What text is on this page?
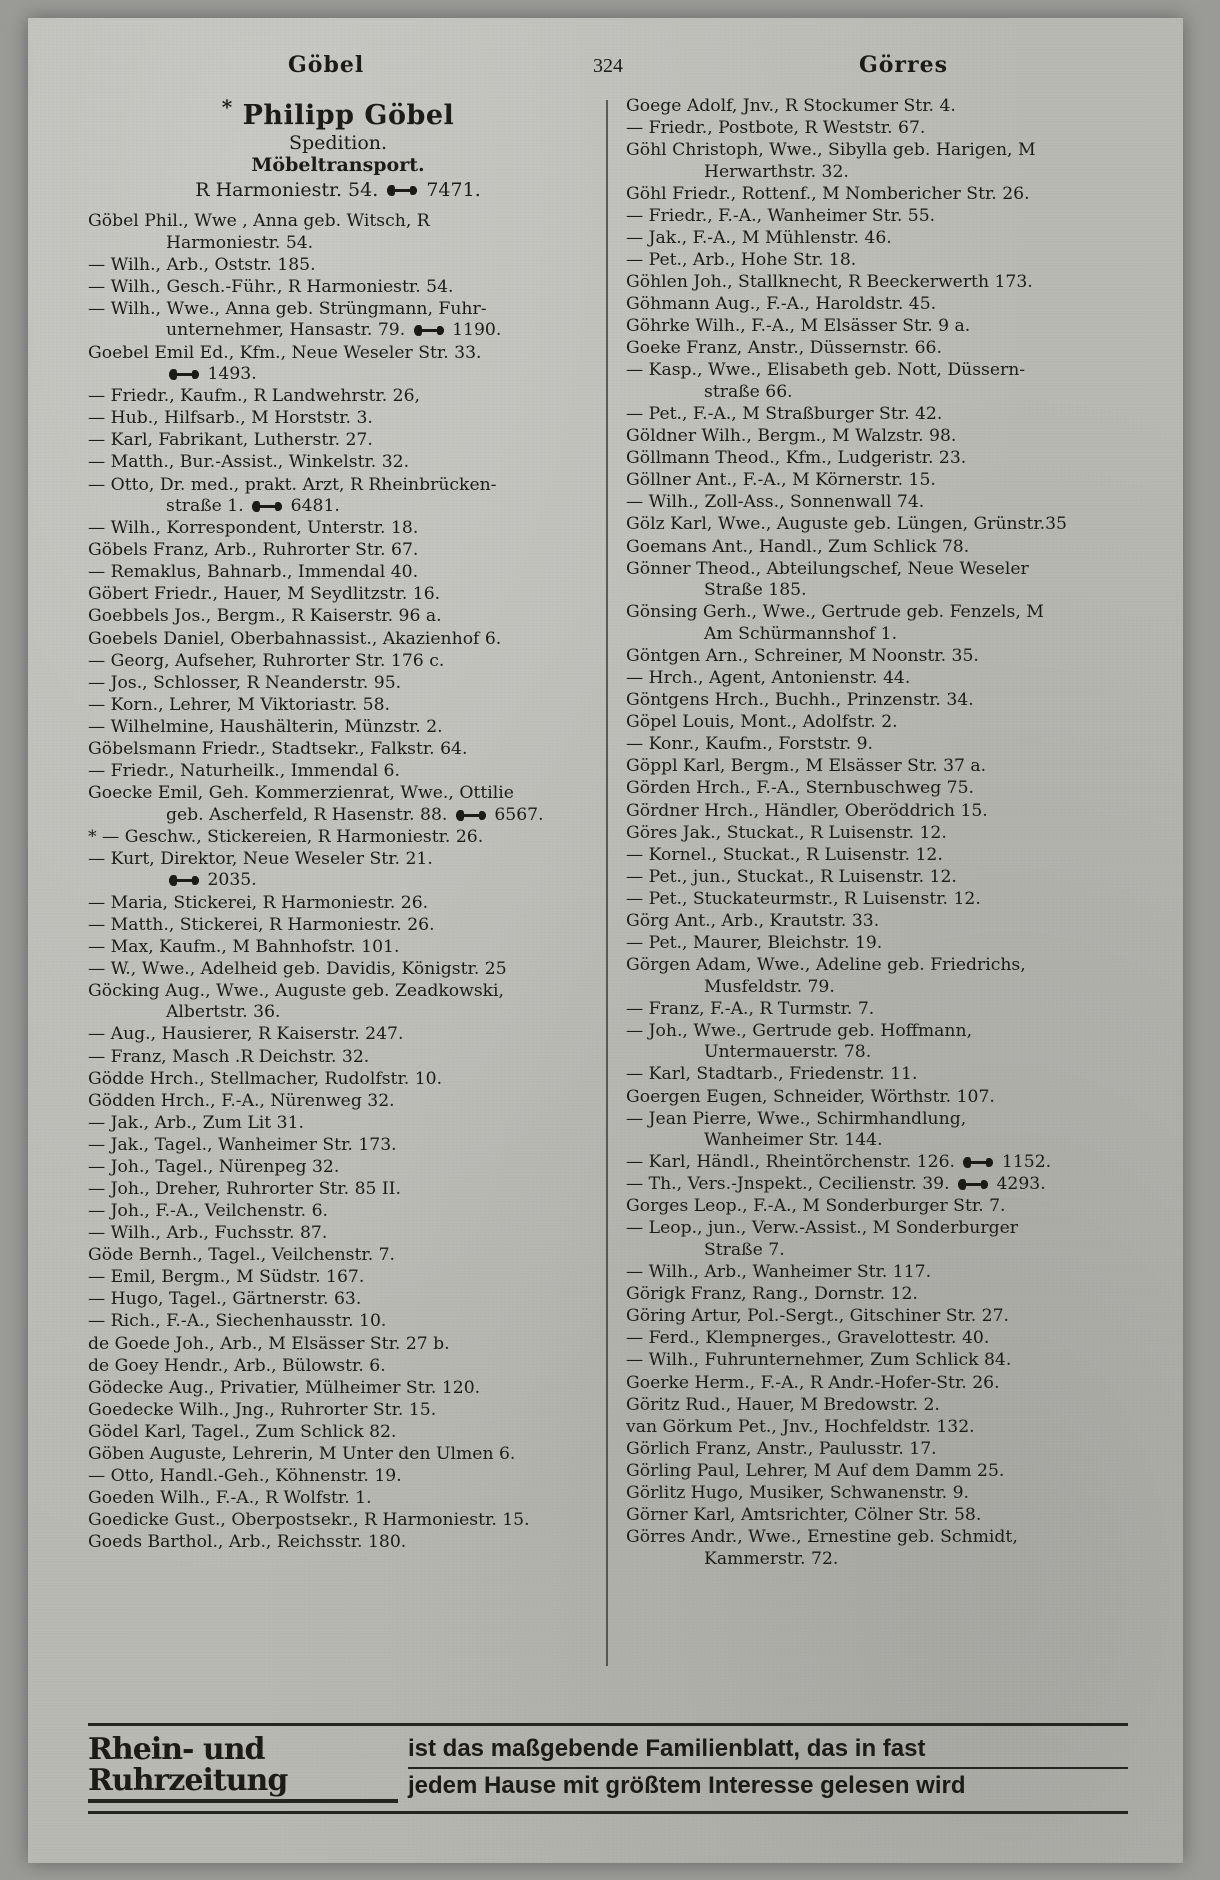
Göbel	324	Görres
* Philipp Göbel
Spedition.
Möbeltransport.
R Harmoniestr. 54.	7471.
Göbel Phil., Wwe , Anna geb. Witsch, R
Harmoniestr. 54.
— Wilh., Arb., Oststr. 185.
— Wilh., Gesch.-Führ., R Harmoniestr. 54.
— Wilh., Wwe., Anna geb. Strüngmann, Fuhr-
unternehmer, Hansastr. 79.
1190.
Goebel Emil Ed., Kfm., Neue Weseler Str. 33.
1493.
— Friedr., Kaufm., R Landwehrstr. 26,
— Hub., Hilfsarb., M Horststr. 3.
— Karl, Fabrikant, Lutherstr. 27.
— Matth., Bur.-Assist., Winkelstr. 32.
— Otto, Dr. med., prakt. Arzt, R Rheinbrücken-
straße 1.
6481.
— Wilh., Korrespondent, Unterstr. 18.
Göbels Franz, Arb., Ruhrorter Str. 67.
— Remaklus, Bahnarb., Immendal 40.
Göbert Friedr., Hauer, M Seydlitzstr. 16.
Goebbels Jos., Bergm., R Kaiserstr. 96 a.
Goebels Daniel, Oberbahnassist., Akazienhof 6.
— Georg, Aufseher, Ruhrorter Str. 176 c.
— Jos., Schlosser, R Neanderstr. 95.
— Korn., Lehrer, M Viktoriastr. 58.
— Wilhelmine, Haushälterin, Münzstr. 2.
Göbelsmann Friedr., Stadtsekr., Falkstr. 64.
— Friedr., Naturheilk., Immendal 6.
Goecke Emil, Geh. Kommerzienrat, Wwe., Ottilie
geb. Ascherfeld, R Hasenstr. 88.
6567.
* — Geschw., Stickereien, R Harmoniestr. 26.
— Kurt, Direktor, Neue Weseler Str. 21.
2035.
— Maria, Stickerei, R Harmoniestr. 26.
— Matth., Stickerei, R Harmoniestr. 26.
— Max, Kaufm., M Bahnhofstr. 101.
— W., Wwe., Adelheid geb. Davidis, Königstr. 25
Göcking Aug., Wwe., Auguste geb. Zeadkowski,
Albertstr. 36.
— Aug., Hausierer, R Kaiserstr. 247.
— Franz, Masch .R Deichstr. 32.
Gödde Hrch., Stellmacher, Rudolfstr. 10.
Gödden Hrch., F.-A., Nürenweg 32.
— Jak., Arb., Zum Lit 31.
— Jak., Tagel., Wanheimer Str. 173.
— Joh., Tagel., Nürenpeg 32.
— Joh., Dreher, Ruhrorter Str. 85 II.
— Joh., F.-A., Veilchenstr. 6.
— Wilh., Arb., Fuchsstr. 87.
Göde Bernh., Tagel., Veilchenstr. 7.
— Emil, Bergm., M Südstr. 167.
— Hugo, Tagel., Gärtnerstr. 63.
— Rich., F.-A., Siechenhausstr. 10.
de Goede Joh., Arb., M Elsässer Str. 27 b.
de Goey Hendr., Arb., Bülowstr. 6.
Gödecke Aug., Privatier, Mülheimer Str. 120.
Goedecke Wilh., Jng., Ruhrorter Str. 15.
Gödel Karl, Tagel., Zum Schlick 82.
Göben Auguste, Lehrerin, M Unter den Ulmen 6.
— Otto, Handl.-Geh., Köhnenstr. 19.
Goeden Wilh., F.-A., R Wolfstr. 1.
Goedicke Gust., Oberpostsekr., R Harmoniestr. 15.
Goeds Barthol., Arb., Reichsstr. 180.
Goege Adolf, Jnv., R Stockumer Str. 4.
— Friedr., Postbote, R Weststr. 67.
Göhl Christoph, Wwe., Sibylla geb. Harigen, M
Herwarthstr. 32.
Göhl Friedr., Rottenf., M Nombericher Str. 26.
— Friedr., F.-A., Wanheimer Str. 55.
— Jak., F.-A., M Mühlenstr. 46.
— Pet., Arb., Hohe Str. 18.
Göhlen Joh., Stallknecht, R Beeckerwerth 173.
Göhmann Aug., F.-A., Haroldstr. 45.
Göhrke Wilh., F.-A., M Elsässer Str. 9 a.
Goeke Franz, Anstr., Düssernstr. 66.
— Kasp., Wwe., Elisabeth geb. Nott, Düssern-
straße 66.
— Pet., F.-A., M Straßburger Str. 42.
Göldner Wilh., Bergm., M Walzstr. 98.
Göllmann Theod., Kfm., Ludgeristr. 23.
Göllner Ant., F.-A., M Körnerstr. 15.
— Wilh., Zoll-Ass., Sonnenwall 74.
Gölz Karl, Wwe., Auguste geb. Lüngen, Grünstr.35
Goemans Ant., Handl., Zum Schlick 78.
Gönner Theod., Abteilungschef, Neue Weseler
Straße 185.
Gönsing Gerh., Wwe., Gertrude geb. Fenzels, M
Am Schürmannshof 1.
Göntgen Arn., Schreiner, M Noonstr. 35.
— Hrch., Agent, Antonienstr. 44.
Göntgens Hrch., Buchh., Prinzenstr. 34.
Göpel Louis, Mont., Adolfstr. 2.
— Konr., Kaufm., Forststr. 9.
Göppl Karl, Bergm., M Elsässer Str. 37 a.
Görden Hrch., F.-A., Sternbuschweg 75.
Gördner Hrch., Händler, Oberöddrich 15.
Göres Jak., Stuckat., R Luisenstr. 12.
— Kornel., Stuckat., R Luisenstr. 12.
— Pet., jun., Stuckat., R Luisenstr. 12.
— Pet., Stuckateurmstr., R Luisenstr. 12.
Görg Ant., Arb., Krautstr. 33.
— Pet., Maurer, Bleichstr. 19.
Görgen Adam, Wwe., Adeline geb. Friedrichs,
Musfeldstr. 79.
— Franz, F.-A., R Turmstr. 7.
— Joh., Wwe., Gertrude geb. Hoffmann,
Untermauerstr. 78.
— Karl, Stadtarb., Friedenstr. 11.
Goergen Eugen, Schneider, Wörthstr. 107.
— Jean Pierre, Wwe., Schirmhandlung,
Wanheimer Str. 144.
— Karl, Händl., Rheintörchenstr. 126.
1152.
— Th., Vers.-Jnspekt., Cecilienstr. 39.
4293.
Gorges Leop., F.-A., M Sonderburger Str. 7.
— Leop., jun., Verw.-Assist., M Sonderburger
Straße 7.
— Wilh., Arb., Wanheimer Str. 117.
Görigk Franz, Rang., Dornstr. 12.
Göring Artur, Pol.-Sergt., Gitschiner Str. 27.
— Ferd., Klempnerges., Gravelottestr. 40.
— Wilh., Fuhrunternehmer, Zum Schlick 84.
Goerke Herm., F.-A., R Andr.-Hofer-Str. 26.
Göritz Rud., Hauer, M Bredowstr. 2.
van Görkum Pet., Jnv., Hochfeldstr. 132.
Görlich Franz, Anstr., Paulusstr. 17.
Görling Paul, Lehrer, M Auf dem Damm 25.
Görlitz Hugo, Musiker, Schwanenstr. 9.
Görner Karl, Amtsrichter, Cölner Str. 58.
Görres Andr., Wwe., Ernestine geb. Schmidt,
Kammerstr. 72.
Rhein- und Ruhrzeitung
ist das maßgebende Familienblatt, das in fast
jedem Hause mit größtem Interesse gelesen wird
